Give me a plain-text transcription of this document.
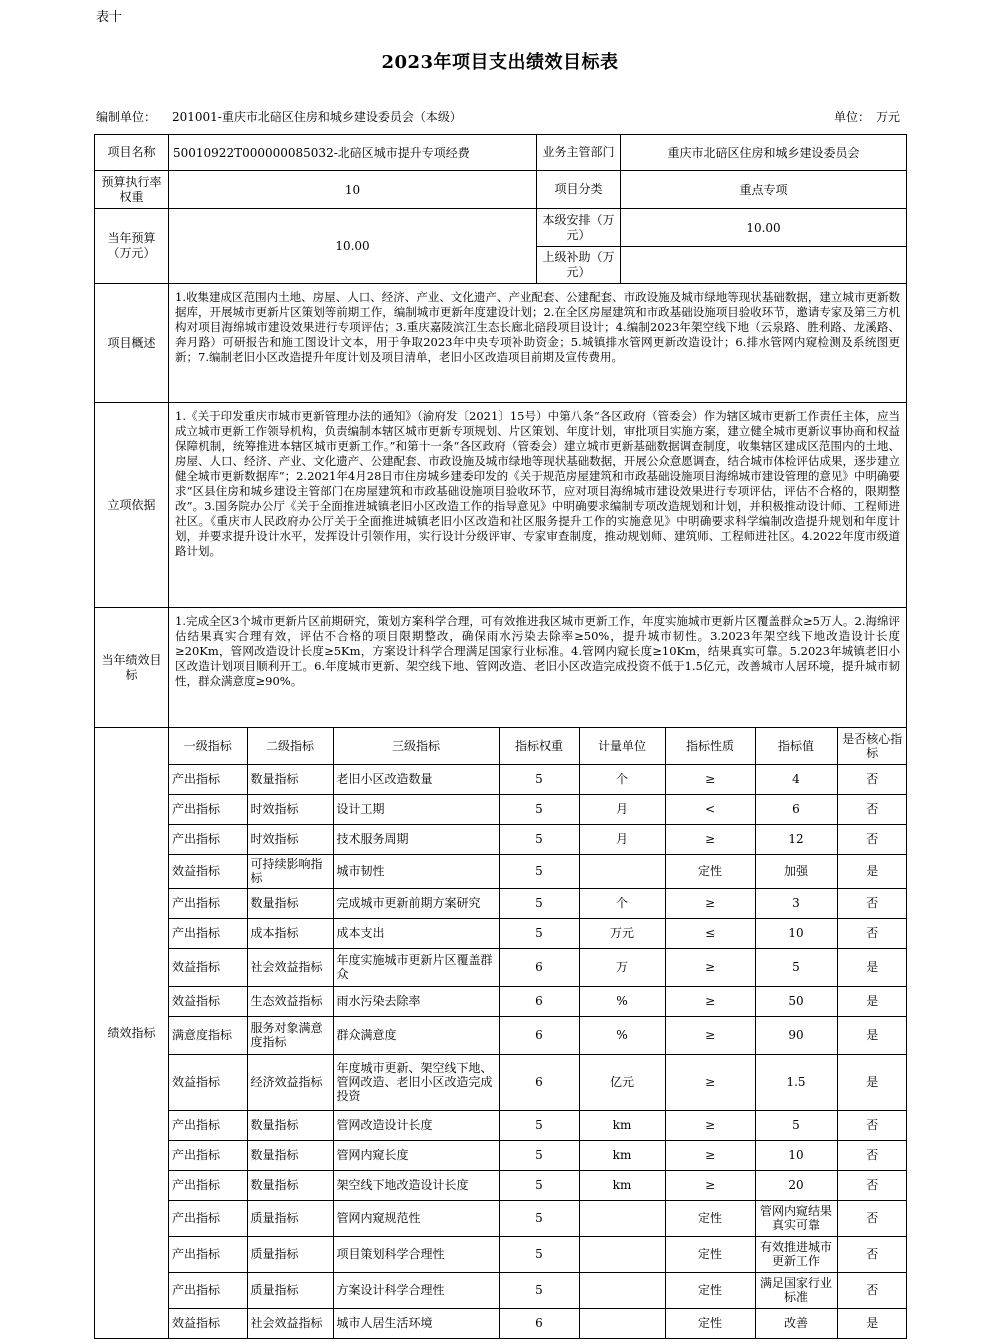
表十
2023年项目支出绩效目标表
编制单位： 201001-重庆市北碚区住房和城乡建设委员会（本级）	单位： 万元
项目名称	50010922T000000085032-北碚区城市提升专项经费	业务主管部门	重庆市北碚区住房和城乡建设委员会
预算执行率权重	10	项目分类	重点专项
当年预算（万元）	10.00	本级安排（万元）	10.00
上级补助（万元）	
项目概述	1.收集建成区范围内土地、房屋、人口、经济、产业、文化遗产、产业配套、公建配套、市政设施及城市绿地等现状基础数据，建立城市更新数据库，开展城市更新片区策划等前期工作，编制城市更新年度建设计划；2.在全区房屋建筑和市政基础设施项目验收环节，邀请专家及第三方机构对项目海绵城市建设效果进行专项评估；3.重庆嘉陵滨江生态长廊北碚段项目设计；4.编制2023年架空线下地（云泉路、胜利路、龙溪路、奔月路）可研报告和施工图设计文本，用于争取2023年中央专项补助资金；5.城镇排水管网更新改造设计；6.排水管网内窥检测及系统图更新；7.编制老旧小区改造提升年度计划及项目清单，老旧小区改造项目前期及宣传费用。
立项依据	1.《关于印发重庆市城市更新管理办法的通知》（渝府发〔2021〕15号）中第八条“各区政府（管委会）作为辖区城市更新工作责任主体，应当成立城市更新工作领导机构，负责编制本辖区城市更新专项规划、片区策划、年度计划，审批项目实施方案，建立健全城市更新议事协商和权益保障机制，统筹推进本辖区城市更新工作。”和第十一条“各区政府（管委会）建立城市更新基础数据调查制度，收集辖区建成区范围内的土地、房屋、人口、经济、产业、文化遗产、公建配套、市政设施及城市绿地等现状基础数据，开展公众意愿调查，结合城市体检评估成果，逐步建立健全城市更新数据库”；2.2021年4月28日市住房城乡建委印发的《关于规范房屋建筑和市政基础设施项目海绵城市建设管理的意见》中明确要求“区县住房和城乡建设主管部门在房屋建筑和市政基础设施项目验收环节，应对项目海绵城市建设效果进行专项评估，评估不合格的，限期整改”。3.国务院办公厅《关于全面推进城镇老旧小区改造工作的指导意见》中明确要求编制专项改造规划和计划，并积极推动设计师、工程师进社区。《重庆市人民政府办公厅关于全面推进城镇老旧小区改造和社区服务提升工作的实施意见》中明确要求科学编制改造提升规划和年度计划，并要求提升设计水平，发挥设计引领作用，实行设计分级评审、专家审查制度，推动规划师、建筑师、工程师进社区。4.2022年度市级道路计划。
当年绩效目标	1.完成全区3个城市更新片区前期研究，策划方案科学合理，可有效推进我区城市更新工作，年度实施城市更新片区覆盖群众≥5万人。2.海绵评估结果真实合理有效，评估不合格的项目限期整改，确保雨水污染去除率≥50%，提升城市韧性。3.2023年架空线下地改造设计长度≥20Km，管网改造设计长度≥5Km，方案设计科学合理满足国家行业标准。4.管网内窥长度≥10Km，结果真实可靠。5.2023年城镇老旧小区改造计划项目顺利开工。6.年度城市更新、架空线下地、管网改造、老旧小区改造完成投资不低于1.5亿元，改善城市人居环境，提升城市韧性，群众满意度≥90%。
绩效指标	
一级指标	二级指标	三级指标	指标权重	计量单位	指标性质	指标值	是否核心指标
产出指标	数量指标	老旧小区改造数量	5	个	≥	4	否
产出指标	时效指标	设计工期	5	月	<	6	否
产出指标	时效指标	技术服务周期	5	月	≥	12	否
效益指标	可持续影响指标	城市韧性	5		定性	加强	是
产出指标	数量指标	完成城市更新前期方案研究	5	个	≥	3	否
产出指标	成本指标	成本支出	5	万元	≤	10	否
效益指标	社会效益指标	年度实施城市更新片区覆盖群众	6	万	≥	5	是
效益指标	生态效益指标	雨水污染去除率	6	%	≥	50	是
满意度指标	服务对象满意度指标	群众满意度	6	%	≥	90	是
效益指标	经济效益指标	年度城市更新、架空线下地、管网改造、老旧小区改造完成投资	6	亿元	≥	1.5	是
产出指标	数量指标	管网改造设计长度	5	km	≥	5	否
产出指标	数量指标	管网内窥长度	5	km	≥	10	否
产出指标	数量指标	架空线下地改造设计长度	5	km	≥	20	否
产出指标	质量指标	管网内窥规范性	5		定性	管网内窥结果真实可靠	否
产出指标	质量指标	项目策划科学合理性	5		定性	有效推进城市更新工作	否
产出指标	质量指标	方案设计科学合理性	5		定性	满足国家行业标准	否
效益指标	社会效益指标	城市人居生活环境	6		定性	改善	是
